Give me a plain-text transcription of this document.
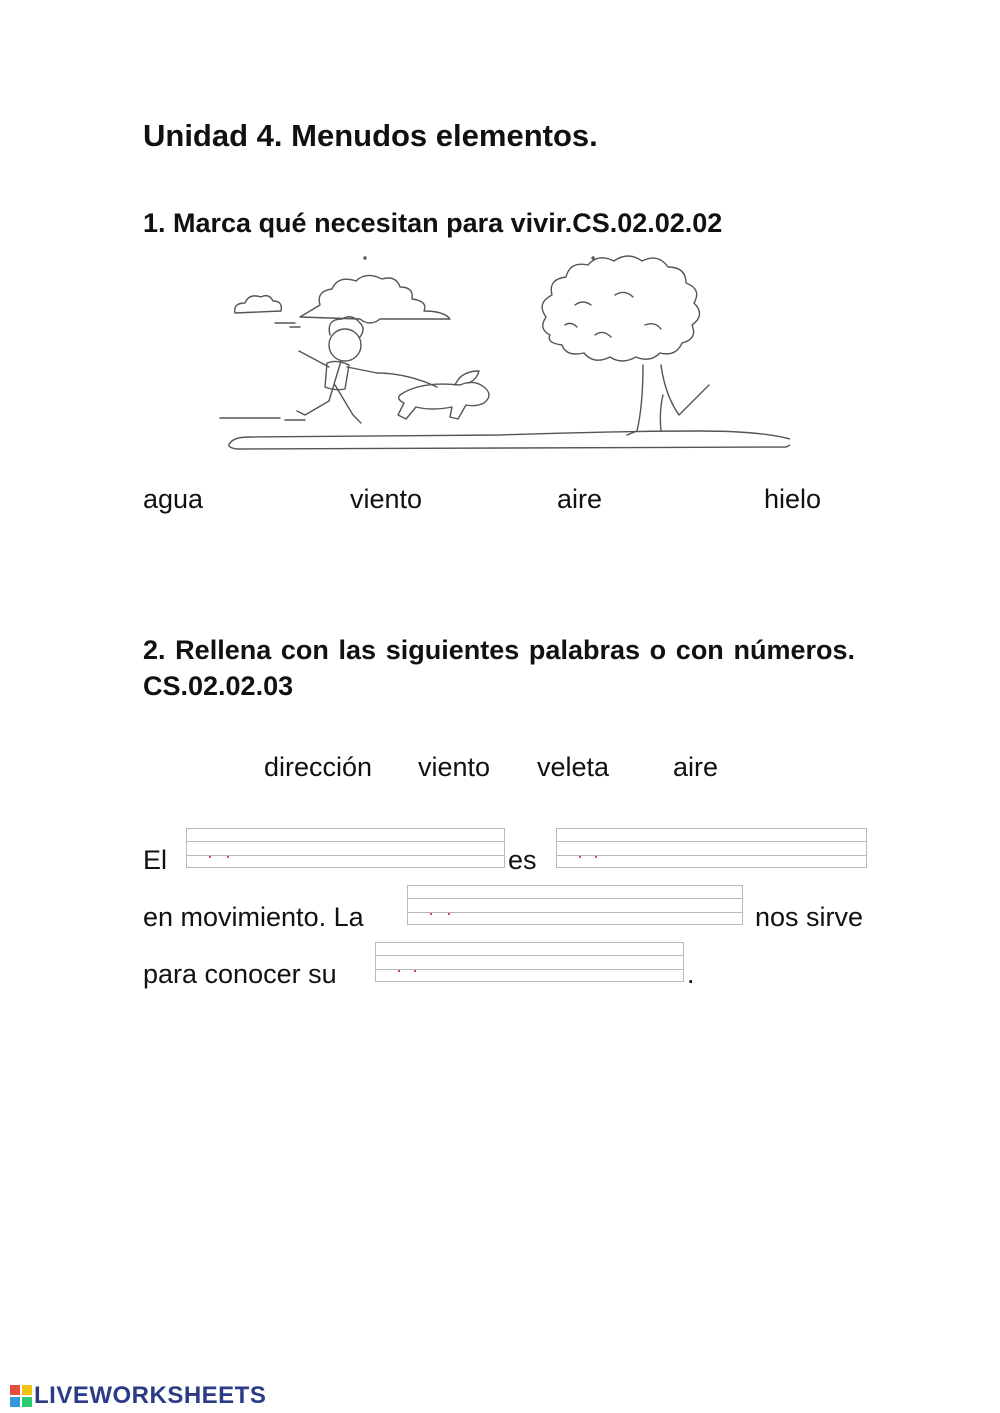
Unidad 4. Menudos elementos.
1. Marca qué necesitan para vivir.CS.02.02.02
agua	viento	aire	hielo
2. Rellena con las siguientes palabras o con números. CS.02.02.03
dirección viento veleta aire
El	es
en movimiento. La	nos sirve
para conocer su	.
LIVEWORKSHEETS
